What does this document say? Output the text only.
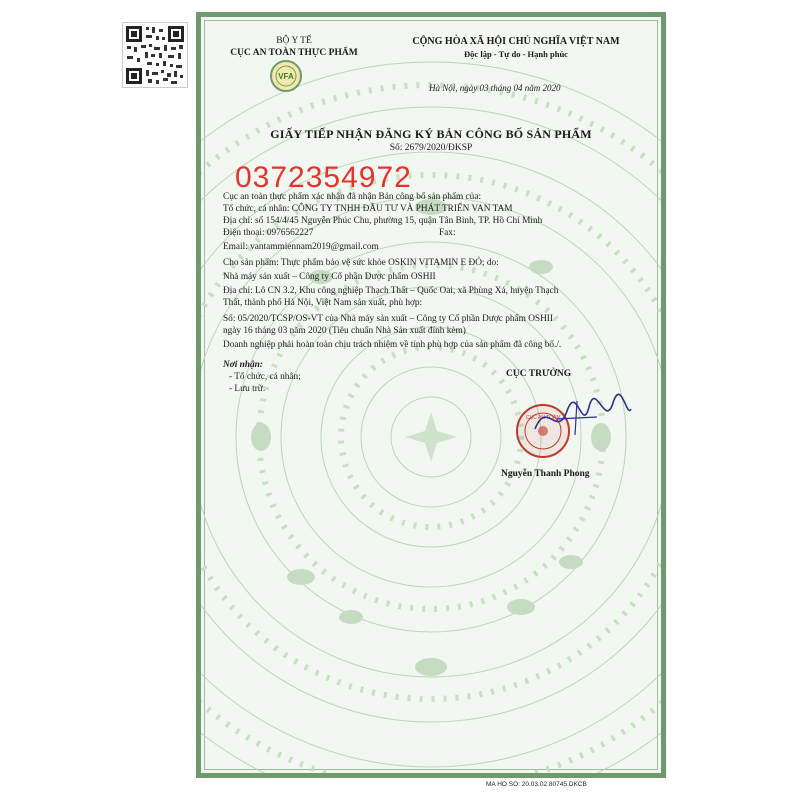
BỘ Y TẾ
CỤC AN TOÀN THỰC PHẨM
VFA
CỘNG HÒA XÃ HỘI CHỦ NGHĨA VIỆT NAM
Độc lập - Tự do - Hạnh phúc
Hà Nội, ngày 03 tháng 04 năm 2020
GIẤY TIẾP NHẬN ĐĂNG KÝ BẢN CÔNG BỐ SẢN PHẨM
Số: 2679/2020/ĐKSP
Cục an toàn thực phẩm xác nhận đã nhận Bản công bố sản phẩm của:
Tổ chức, cá nhân: CÔNG TY TNHH ĐẦU TƯ VÀ PHÁT TRIỂN VAN TAM
Địa chỉ: số 154/4/45 Nguyễn Phúc Chu, phường 15, quận Tân Bình, TP. Hồ Chí Minh
Điện thoại: 0976562227	Fax:
Email: vantammiennam2019@gmail.com
Cho sản phẩm: Thực phẩm bảo vệ sức khỏe OSKIN VITAMIN E ĐỎ; do:
Nhà máy sản xuất – Công ty Cổ phần Dược phẩm OSHII
Địa chỉ: Lô CN 3.2, Khu công nghiệp Thạch Thất – Quốc Oai, xã Phùng Xá, huyện Thạch
Thất, thành phố Hà Nội, Việt Nam sản xuất, phù hợp:
Số: 05/2020/TCSP/OS-VT của Nhà máy sản xuất – Công ty Cổ phần Dược phẩm OSHII
ngày 16 tháng 03 năm 2020 (Tiêu chuẩn Nhà Sản xuất đính kèm)
Doanh nghiệp phải hoàn toàn chịu trách nhiệm về tính phù hợp của sản phẩm đã công bố./.
Nơi nhận:
- Tổ chức, cá nhân;
- Lưu trữ.
0372354972
CỤC TRƯỞNG
CỤC AN TOÀN
Nguyễn Thanh Phong
MA HO SO: 20.03.02.80745.DKCB
